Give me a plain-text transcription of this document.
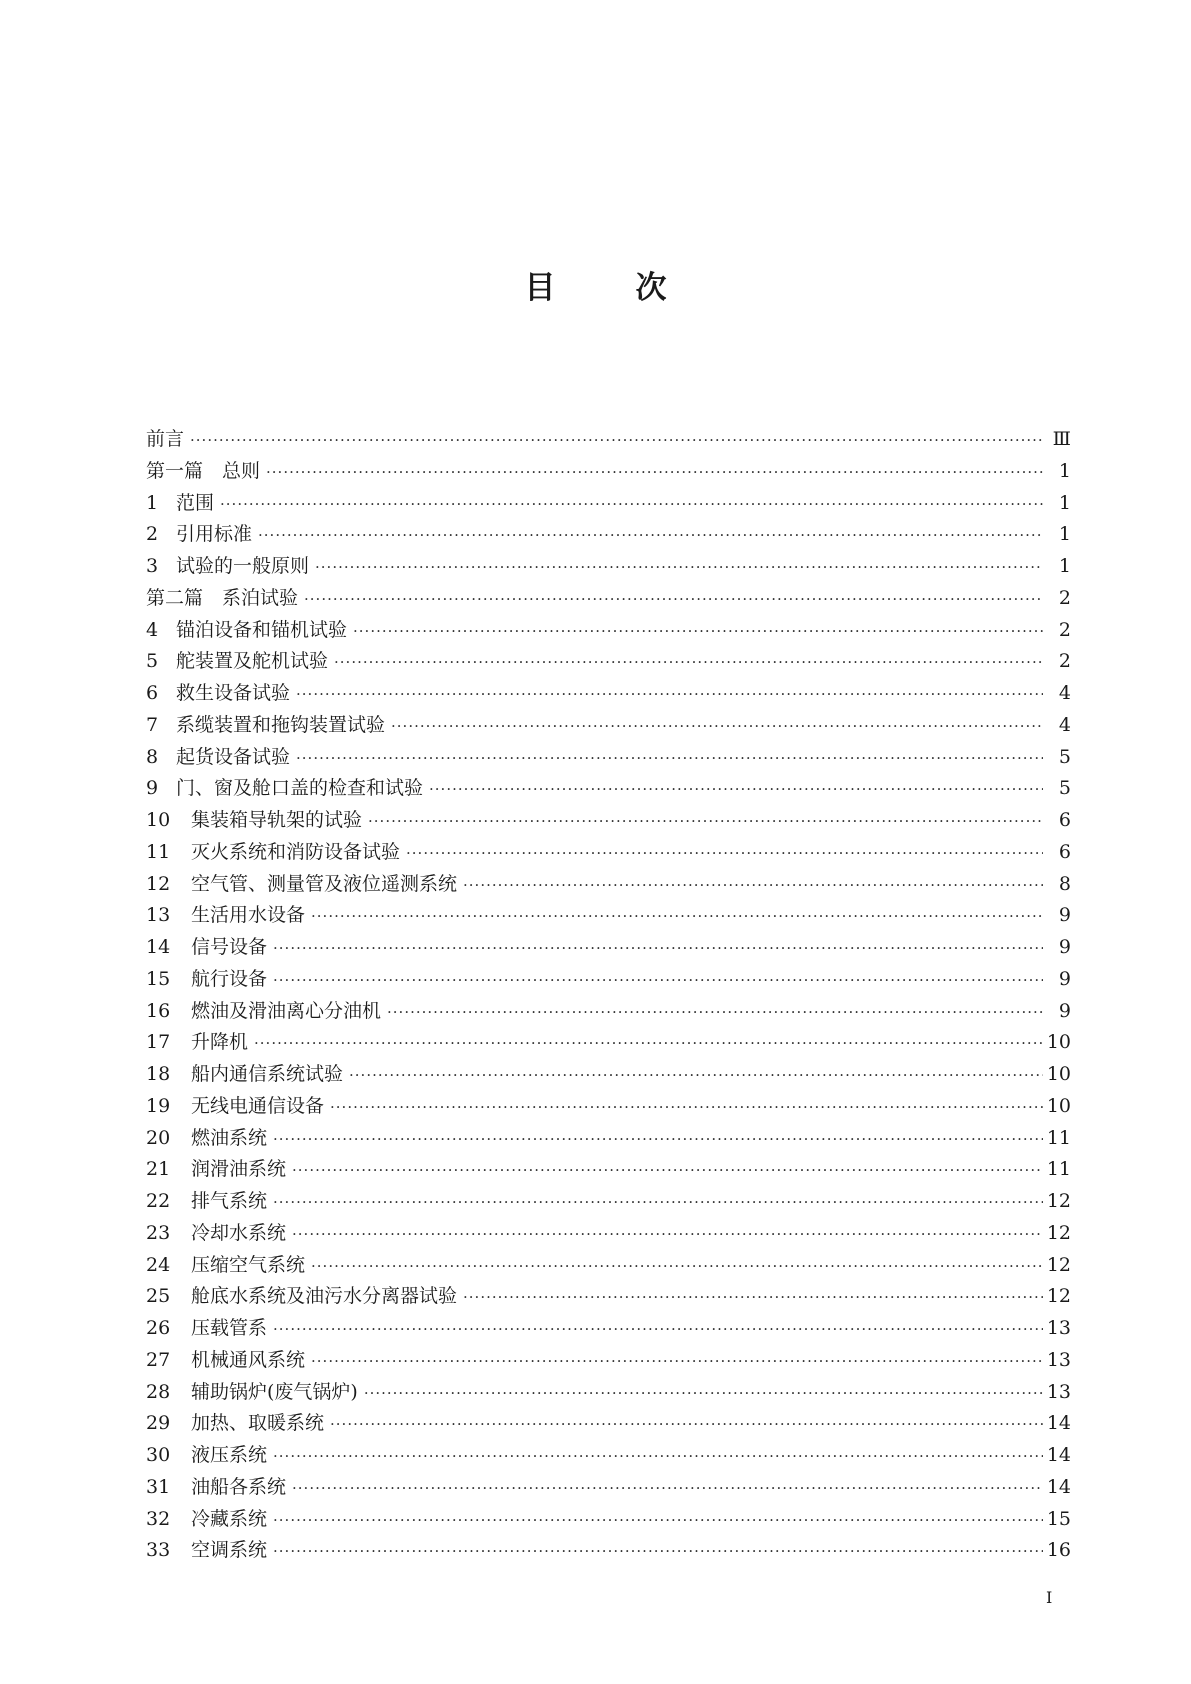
目	次
前言 ·····	Ⅲ
第一篇　总则 ·····	1
1 范围 ·····	1
2 引用标准 ·····	1
3 试验的一般原则 ·····	1
第二篇　系泊试验 ·····	2
4 锚泊设备和锚机试验 ·····	2
5 舵装置及舵机试验 ·····	2
6 救生设备试验 ·····	4
7 系缆装置和拖钩装置试验 ·····	4
8 起货设备试验 ·····	5
9 门、窗及舱口盖的检查和试验 ·····	5
10	集装箱导轨架的试验 ·····	6
11	灭火系统和消防设备试验 ·····	6
12	空气管、测量管及液位遥测系统 ·····	8
13	生活用水设备 ·····	9
14	信号设备 ·····	9
15	航行设备 ·····	9
16	燃油及滑油离心分油机 ·····	9
17	升降机 ·····	10
18	船内通信系统试验 ·····	10
19	无线电通信设备 ·····	10
20	燃油系统 ·····	11
21	润滑油系统 ·····	11
22	排气系统 ·····	12
23	冷却水系统 ·····	12
24	压缩空气系统 ·····	12
25	舱底水系统及油污水分离器试验 ·····	12
26	压载管系 ·····	13
27	机械通风系统 ·····	13
28	辅助锅炉(废气锅炉) ·····	13
29	加热、取暖系统 ·····	14
30	液压系统 ·····	14
31	油船各系统 ·····	14
32	冷藏系统 ·····	15
33	空调系统 ·····	16
I
